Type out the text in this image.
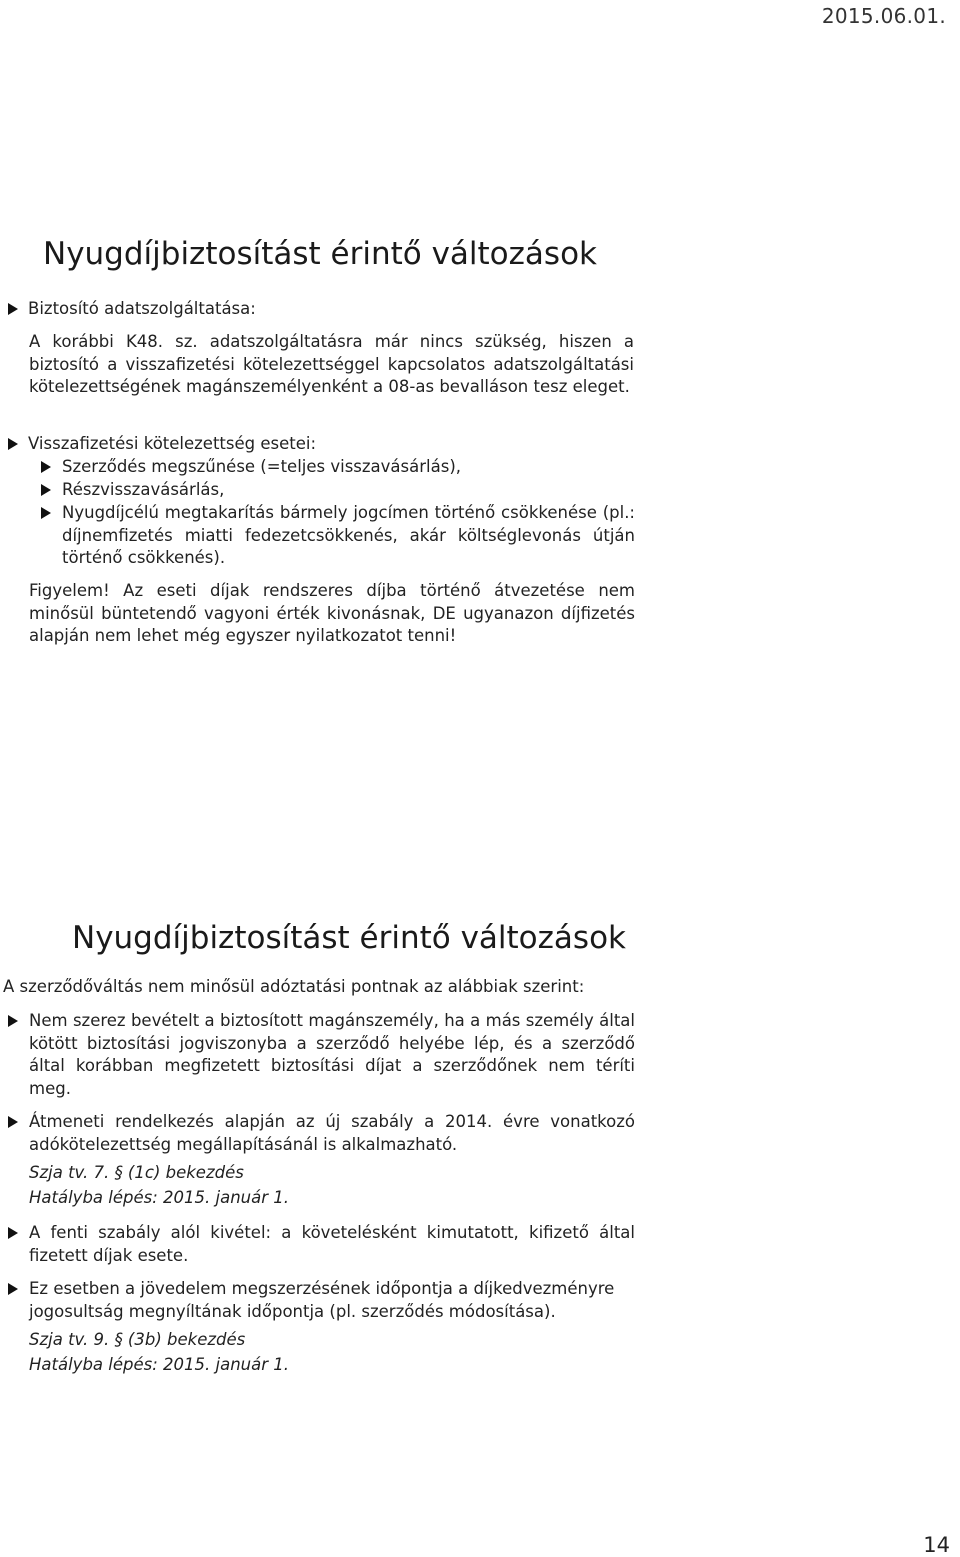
2015.06.01.
Nyugdíjbiztosítást érintő változások
Biztosító adatszolgáltatása:
A korábbi K48. sz. adatszolgáltatásra már nincs szükség, hiszen a biztosító a visszafizetési kötelezettséggel kapcsolatos adatszolgáltatási kötelezettségének magánszemélyenként a 08-as bevalláson tesz eleget.
Visszafizetési kötelezettség esetei:
Szerződés megszűnése (=teljes visszavásárlás),
Részvisszavásárlás,
Nyugdíjcélú megtakarítás bármely jogcímen történő csökkenése (pl.: díjnemfizetés miatti fedezetcsökkenés, akár költséglevonás útján történő csökkenés).
Figyelem! Az eseti díjak rendszeres díjba történő átvezetése nem minősül büntetendő vagyoni érték kivonásnak, DE ugyanazon díjfizetés alapján nem lehet még egyszer nyilatkozatot tenni!
Nyugdíjbiztosítást érintő változások
A szerződőváltás nem minősül adóztatási pontnak az alábbiak szerint:
Nem szerez bevételt a biztosított magánszemély, ha a más személy által kötött biztosítási jogviszonyba a szerződő helyébe lép, és a szerződő által korábban megfizetett biztosítási díjat a szerződőnek nem téríti meg.
Átmeneti rendelkezés alapján az új szabály a 2014. évre vonatkozó adókötelezettség megállapításánál is alkalmazható.
Szja tv. 7. § (1c) bekezdés
Hatályba lépés: 2015. január 1.
A fenti szabály alól kivétel: a követelésként kimutatott, kifizető által fizetett díjak esete.
Ez esetben a jövedelem megszerzésének időpontja a díjkedvezményre jogosultság megnyíltának időpontja (pl. szerződés módosítása).
Szja tv. 9. § (3b) bekezdés
Hatályba lépés: 2015. január 1.
14
